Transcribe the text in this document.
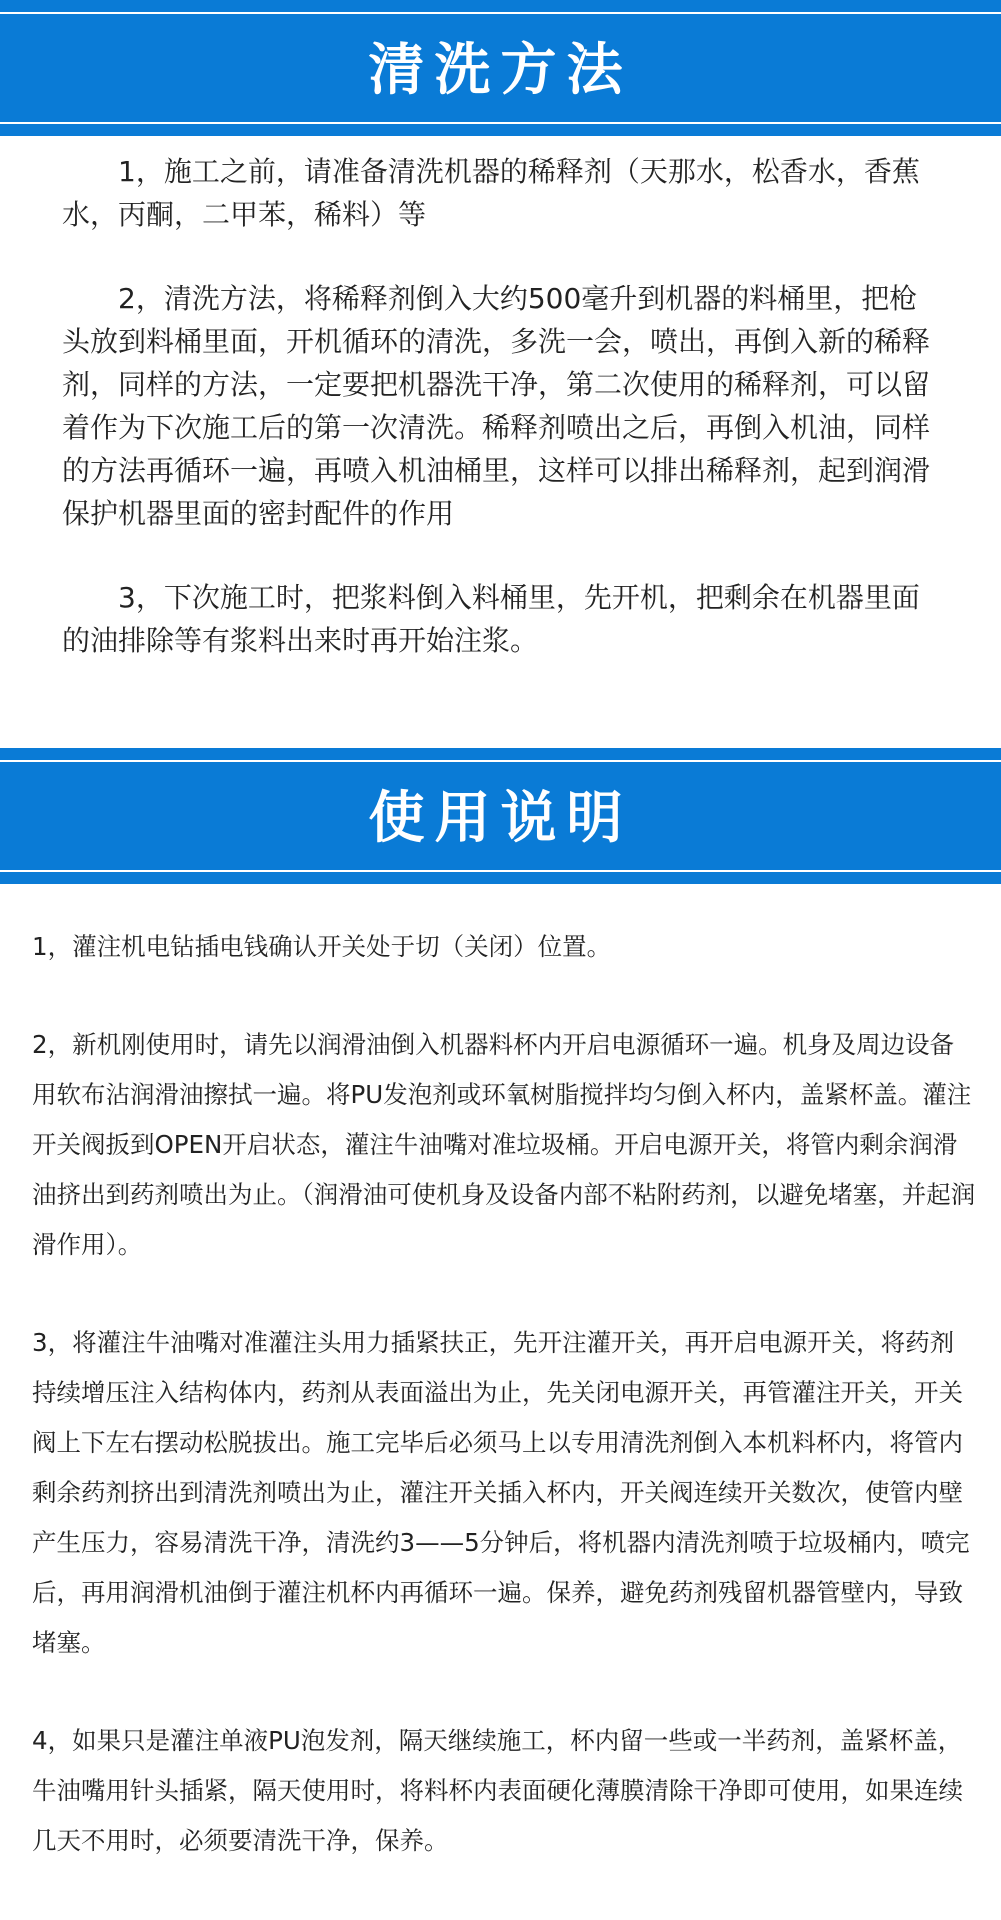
清洗方法

1，施工之前，请准备清洗机器的稀释剂（天那水，松香水，香蕉水，丙酮，二甲苯，稀料）等

2，清洗方法，将稀释剂倒入大约500毫升到机器的料桶里，把枪头放到料桶里面，开机循环的清洗，多洗一会，喷出，再倒入新的稀释剂，同样的方法，一定要把机器洗干净，第二次使用的稀释剂，可以留着作为下次施工后的第一次清洗。稀释剂喷出之后，再倒入机油，同样的方法再循环一遍，再喷入机油桶里，这样可以排出稀释剂，起到润滑保护机器里面的密封配件的作用

3，下次施工时，把浆料倒入料桶里，先开机，把剩余在机器里面的油排除等有浆料出来时再开始注浆。

使用说明

1，灌注机电钻插电钱确认开关处于切（关闭）位置。

2，新机刚使用时，请先以润滑油倒入机器料杯内开启电源循环一遍。机身及周边设备用软布沾润滑油擦拭一遍。将PU发泡剂或环氧树脂搅拌均匀倒入杯内，盖紧杯盖。灌注开关阀扳到OPEN开启状态，灌注牛油嘴对准垃圾桶。开启电源开关，将管内剩余润滑油挤出到药剂喷出为止。（润滑油可使机身及设备内部不粘附药剂，以避免堵塞，并起润滑作用）。

3，将灌注牛油嘴对准灌注头用力插紧扶正，先开注灌开关，再开启电源开关，将药剂持续增压注入结构体内，药剂从表面溢出为止，先关闭电源开关，再管灌注开关，开关阀上下左右摆动松脱拔出。施工完毕后必须马上以专用清洗剂倒入本机料杯内，将管内剩余药剂挤出到清洗剂喷出为止，灌注开关插入杯内，开关阀连续开关数次，使管内壁产生压力，容易清洗干净，清洗约3——5分钟后，将机器内清洗剂喷于垃圾桶内，喷完后，再用润滑机油倒于灌注机杯内再循环一遍。保养，避免药剂残留机器管壁内，导致堵塞。

4，如果只是灌注单液PU泡发剂，隔天继续施工，杯内留一些或一半药剂，盖紧杯盖，牛油嘴用针头插紧，隔天使用时，将料杯内表面硬化薄膜清除干净即可使用，如果连续几天不用时，必须要清洗干净，保养。
